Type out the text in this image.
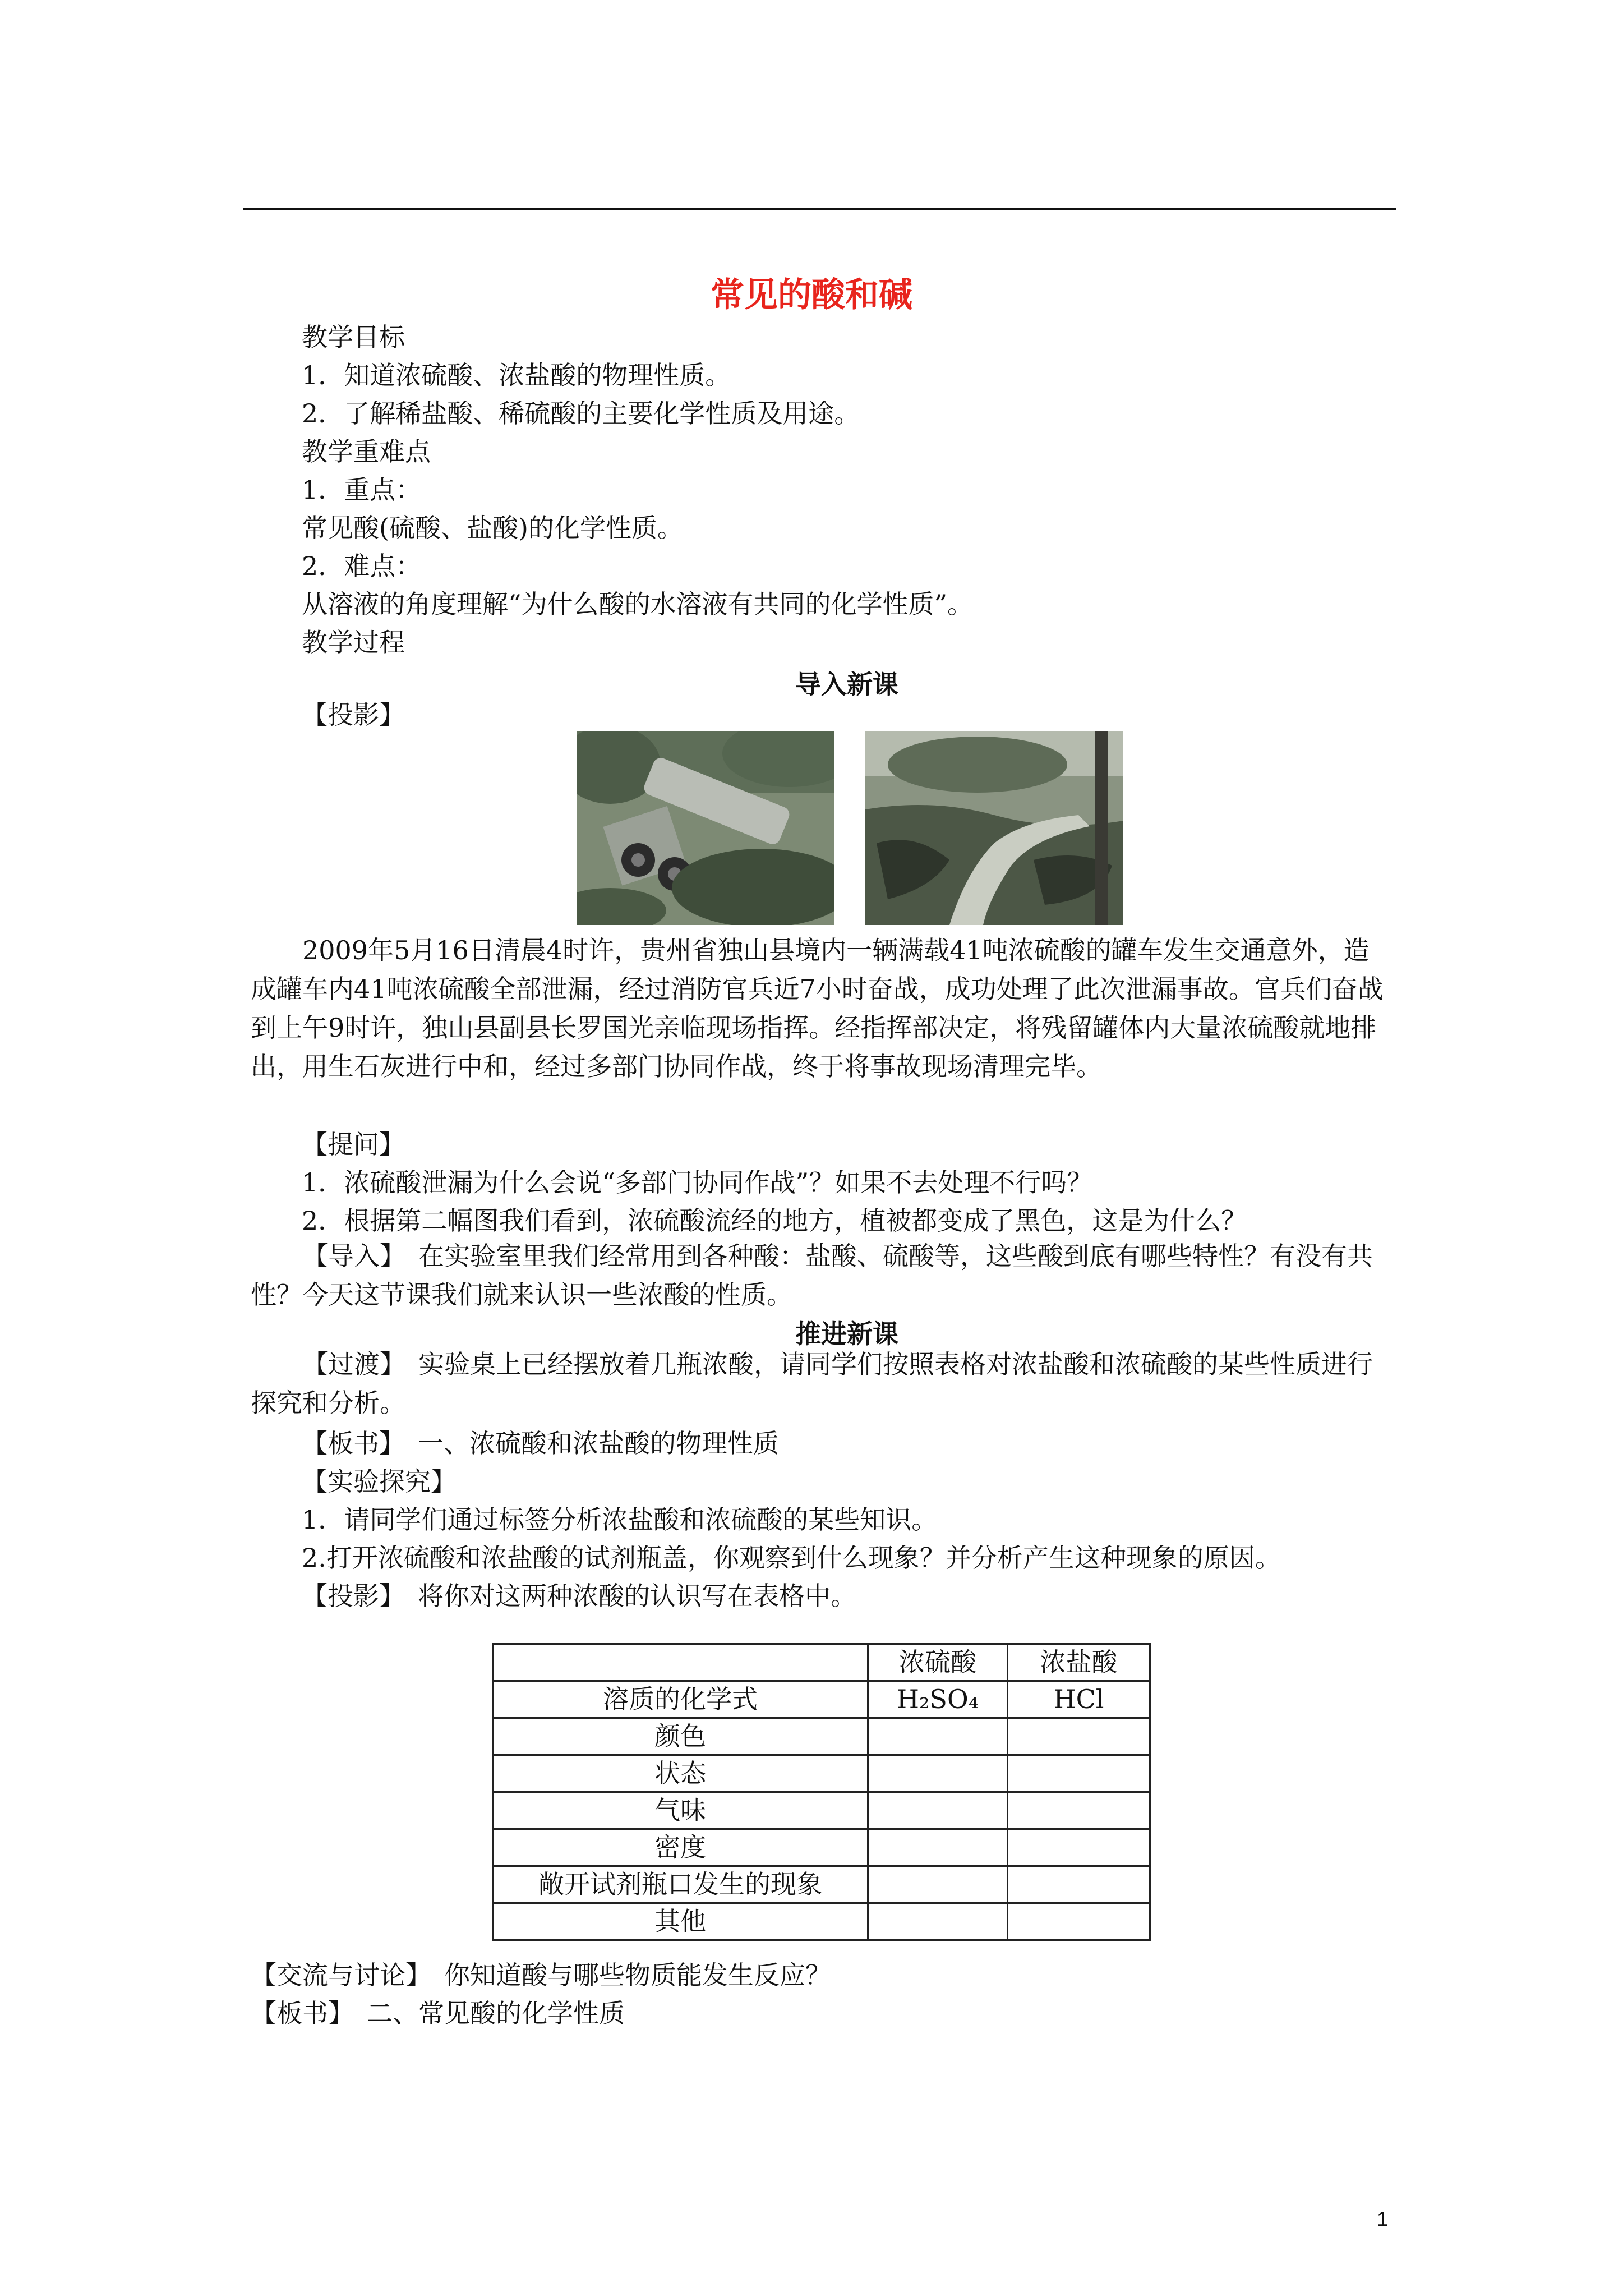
常见的酸和碱
教学目标
1．知道浓硫酸、浓盐酸的物理性质。
2．了解稀盐酸、稀硫酸的主要化学性质及用途。
教学重难点
1．重点：
常见酸(硫酸、盐酸)的化学性质。
2．难点：
从溶液的角度理解“为什么酸的水溶液有共同的化学性质”。
教学过程
导入新课
【投影】
2009年5月16日清晨4时许，贵州省独山县境内一辆满载41吨浓硫酸的罐车发生交通意外，造成罐车内41吨浓硫酸全部泄漏，经过消防官兵近7小时奋战，成功处理了此次泄漏事故。官兵们奋战到上午9时许，独山县副县长罗国光亲临现场指挥。经指挥部决定，将残留罐体内大量浓硫酸就地排出，用生石灰进行中和，经过多部门协同作战，终于将事故现场清理完毕。
【提问】
1．浓硫酸泄漏为什么会说“多部门协同作战”？如果不去处理不行吗？
2．根据第二幅图我们看到，浓硫酸流经的地方，植被都变成了黑色，这是为什么？
【导入】　在实验室里我们经常用到各种酸：盐酸、硫酸等，这些酸到底有哪些特性？有没有共性？今天这节课我们就来认识一些浓酸的性质。
推进新课
【过渡】　实验桌上已经摆放着几瓶浓酸，请同学们按照表格对浓盐酸和浓硫酸的某些性质进行探究和分析。
【板书】　一、浓硫酸和浓盐酸的物理性质
【实验探究】
1．请同学们通过标签分析浓盐酸和浓硫酸的某些知识。
2.打开浓硫酸和浓盐酸的试剂瓶盖，你观察到什么现象？并分析产生这种现象的原因。
【投影】　将你对这两种浓酸的认识写在表格中。
	浓硫酸	浓盐酸
溶质的化学式	H₂SO₄	HCl
颜色		
状态		
气味		
密度		
敞开试剂瓶口发生的现象		
其他		
【交流与讨论】　你知道酸与哪些物质能发生反应？
【板书】　二、常见酸的化学性质
1
